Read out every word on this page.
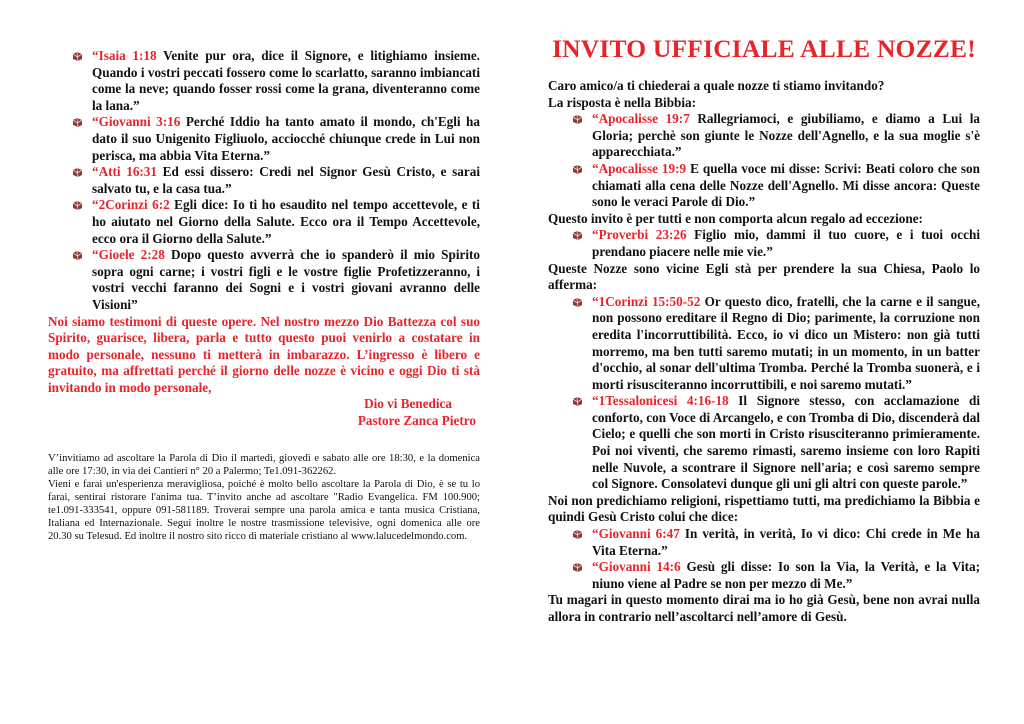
“Isaia 1:18 Venite pur ora, dice il Signore, e litighiamo insieme. Quando i vostri peccati fossero come lo scarlatto, saranno imbiancati come la neve; quando fosser rossi come la grana, diventeranno come la lana.”
“Giovanni 3:16 Perché Iddio ha tanto amato il mondo, ch'Egli ha dato il suo Unigenito Figliuolo, acciocché chiunque crede in Lui non perisca, ma abbia Vita Eterna.”
“Atti 16:31 Ed essi dissero: Credi nel Signor Gesù Cristo, e sarai salvato tu, e la casa tua.”
“2Corinzi 6:2 Egli dice: Io ti ho esaudito nel tempo accettevole, e ti ho aiutato nel Giorno della Salute. Ecco ora il Tempo Accettevole, ecco ora il Giorno della Salute.”
“Gioele 2:28 Dopo questo avverrà che io spanderò il mio Spirito sopra ogni carne; i vostri figli e le vostre figlie Profetizzeranno, i vostri vecchi faranno dei Sogni e i vostri giovani avranno delle Visioni”
Noi siamo testimoni di queste opere. Nel nostro mezzo Dio Battezza col suo Spirito, guarisce, libera, parla e tutto questo puoi venirlo a costatare in modo personale, nessuno ti metterà in imbarazzo. L’ingresso è libero e gratuito, ma affrettati perché il giorno delle nozze è vicino e oggi Dio ti stà invitando in modo personale,
Dio vi Benedica
Pastore Zanca Pietro
V’invitiamo ad ascoltare la Parola di Dio il martedì, giovedì e sabato alle ore 18:30, e la domenica alle ore 17:30, in via dei Cantieri n° 20 a Palermo; Te1.091-362262.
Vieni e farai un'esperienza meravigliosa, poiché è molto bello ascoltare la Parola di Dio, è se tu lo farai, sentirai ristorare l'anima tua. T’invito anche ad ascoltare "Radio Evangelica. FM 100.900; te1.091-333541, oppure 091-581189. Troverai sempre una parola amica e tanta musica Cristiana, Italiana ed Internazionale. Segui inoltre le nostre trasmissione televisive, ogni domenica alle ore 20.30 su Telesud. Ed inoltre il nostro sito ricco di materiale cristiano al www.lalucedelmondo.com.
INVITO UFFICIALE ALLE NOZZE!
Caro amico/a ti chiederai a quale nozze ti stiamo invitando?
La risposta è nella Bibbia:
“Apocalisse 19:7 Rallegriamoci, e giubiliamo, e diamo a Lui la Gloria; perchè son giunte le Nozze dell'Agnello, e la sua moglie s'è apparecchiata.”
“Apocalisse 19:9 E quella voce mi disse: Scrivi: Beati coloro che son chiamati alla cena delle Nozze dell'Agnello. Mi disse ancora: Queste sono le veraci Parole di Dio.”
Questo invito è per tutti e non comporta alcun regalo ad eccezione:
“Proverbi 23:26 Figlio mio, dammi il tuo cuore, e i tuoi occhi prendano piacere nelle mie vie.”
Queste Nozze sono vicine Egli stà per prendere la sua Chiesa, Paolo lo afferma:
“1Corinzi 15:50-52 Or questo dico, fratelli, che la carne e il sangue, non possono ereditare il Regno di Dio; parimente, la corruzione non eredita l'incorruttibilità. Ecco, io vi dico un Mistero: non già tutti morremo, ma ben tutti saremo mutati; in un momento, in un batter d'occhio, al sonar dell'ultima Tromba. Perché la Tromba suonerà, e i morti risusciteranno incorruttibili, e noi saremo mutati.”
“1Tessalonicesi 4:16-18 Il Signore stesso, con acclamazione di conforto, con Voce di Arcangelo, e con Tromba di Dio, discenderà dal Cielo; e quelli che son morti in Cristo risusciteranno primieramente. Poi noi viventi, che saremo rimasti, saremo insieme con loro Rapiti nelle Nuvole, a scontrare il Signore nell'aria; e così saremo sempre col Signore. Consolatevi dunque gli uni gli altri con queste parole.”
Noi non predichiamo religioni, rispettiamo tutti, ma predichiamo la Bibbia e quindi Gesù Cristo colui che dice:
“Giovanni 6:47 In verità, in verità, Io vi dico: Chi crede in Me ha Vita Eterna.”
“Giovanni 14:6 Gesù gli disse: Io son la Via, la Verità, e la Vita; niuno viene al Padre se non per mezzo di Me.”
Tu magari in questo momento dirai ma io ho già Gesù, bene non avrai nulla allora in contrario nell’ascoltarci nell’amore di Gesù.
